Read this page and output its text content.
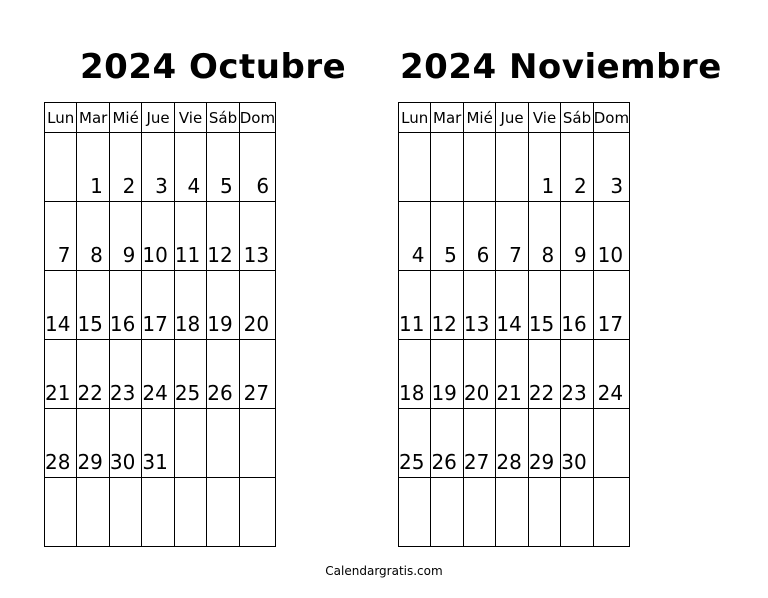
2024 Octubre
Lun	Mar	Mié	Jue	Vie	Sáb	Dom

	1	2	3	4	5	6

7	8	9	10	11	12	13

14	15	16	17	18	19	20

21	22	23	24	25	26	27

28	29	30	31			

2024 Noviembre
Lun	Mar	Mié	Jue	Vie	Sáb	Dom

				1	2	3

4	5	6	7	8	9	10

11	12	13	14	15	16	17

18	19	20	21	22	23	24

25	26	27	28	29	30	

Calendargratis.com
